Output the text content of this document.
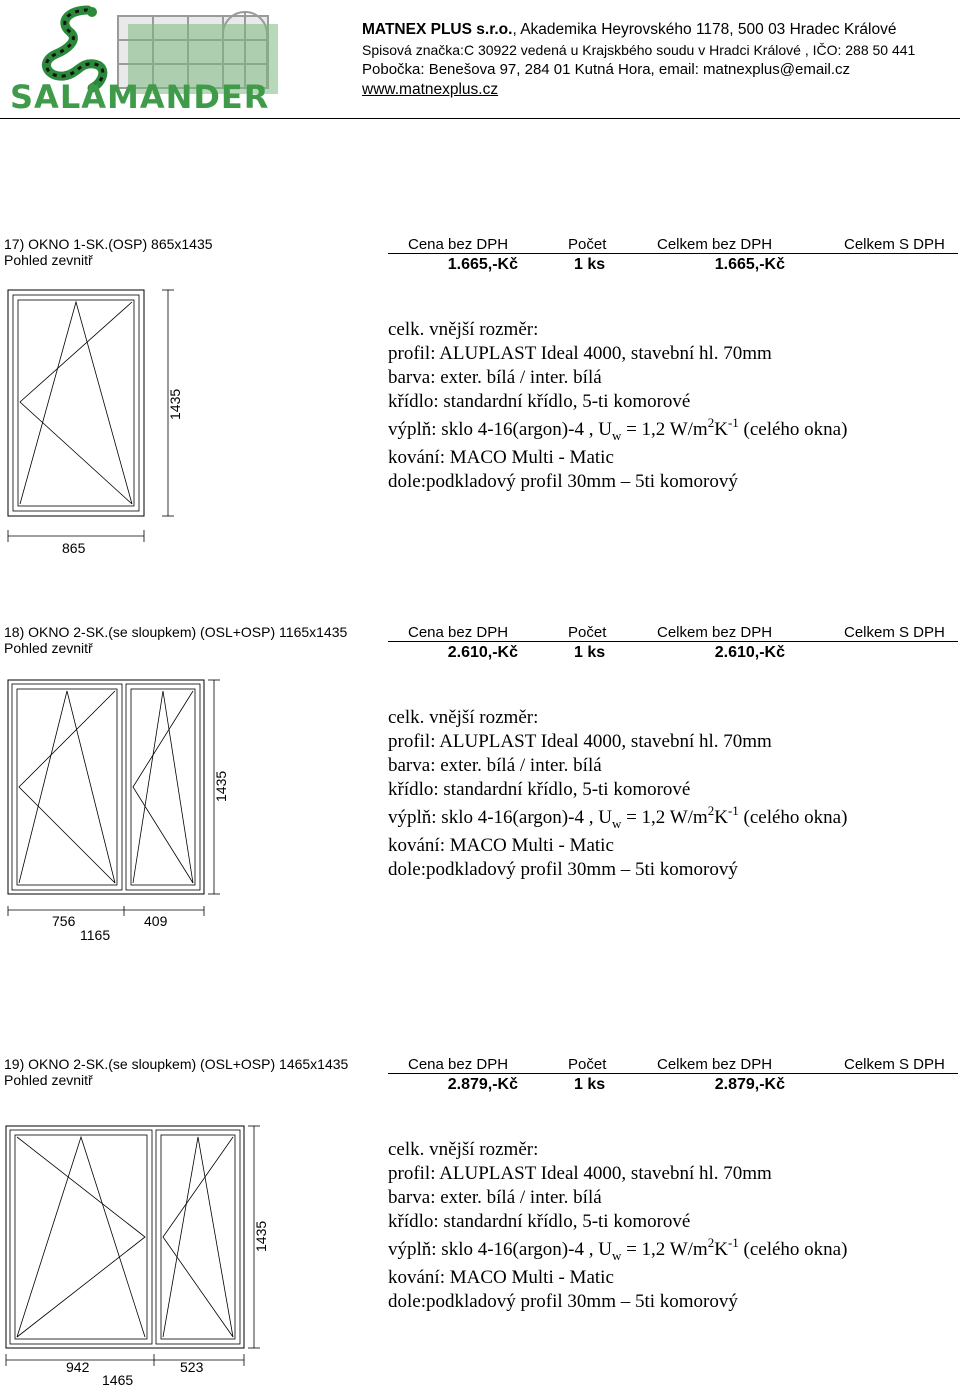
SALAMANDER
MATNEX PLUS s.r.o., Akademika Heyrovského 1178, 500 03 Hradec Králové
Spisová značka:C 30922 vedená u Krajskbého soudu v Hradci Králové , IČO: 288 50 441
Pobočka: Benešova 97, 284 01 Kutná Hora, email: matnexplus@email.cz
www.matnexplus.cz
17) OKNO 1-SK.(OSP) 865x1435
Pohled zevnitř
Cena bez DPH	Počet	Celkem bez DPH	Celkem S DPH
1.665,-Kč	1 ks	1.665,-Kč
1435
865
celk. vnější rozměr:
profil: ALUPLAST Ideal 4000, stavební hl. 70mm
barva: exter. bílá / inter. bílá
křídlo: standardní křídlo, 5-ti komorové
výplň: sklo 4-16(argon)-4 , $U_w = 1,2$ $W/m^2K^{-1}$ (celého okna)
kování: MACO Multi - Matic
dole:podkladový profil 30mm – 5ti komorový
18) OKNO 2-SK.(se sloupkem) (OSL+OSP) 1165x1435
Pohled zevnitř
Cena bez DPH	Počet	Celkem bez DPH	Celkem S DPH
2.610,-Kč	1 ks	2.610,-Kč
1435
756	409
1165
celk. vnější rozměr:
profil: ALUPLAST Ideal 4000, stavební hl. 70mm
barva: exter. bílá / inter. bílá
křídlo: standardní křídlo, 5-ti komorové
výplň: sklo 4-16(argon)-4 , $U_w = 1,2$ $W/m^2K^{-1}$ (celého okna)
kování: MACO Multi - Matic
dole:podkladový profil 30mm – 5ti komorový
19) OKNO 2-SK.(se sloupkem) (OSL+OSP) 1465x1435
Pohled zevnitř
Cena bez DPH	Počet	Celkem bez DPH	Celkem S DPH
2.879,-Kč	1 ks	2.879,-Kč
1435
942	523
1465
celk. vnější rozměr:
profil: ALUPLAST Ideal 4000, stavební hl. 70mm
barva: exter. bílá / inter. bílá
křídlo: standardní křídlo, 5-ti komorové
výplň: sklo 4-16(argon)-4 , $U_w = 1,2$ $W/m^2K^{-1}$ (celého okna)
kování: MACO Multi - Matic
dole:podkladový profil 30mm – 5ti komorový
